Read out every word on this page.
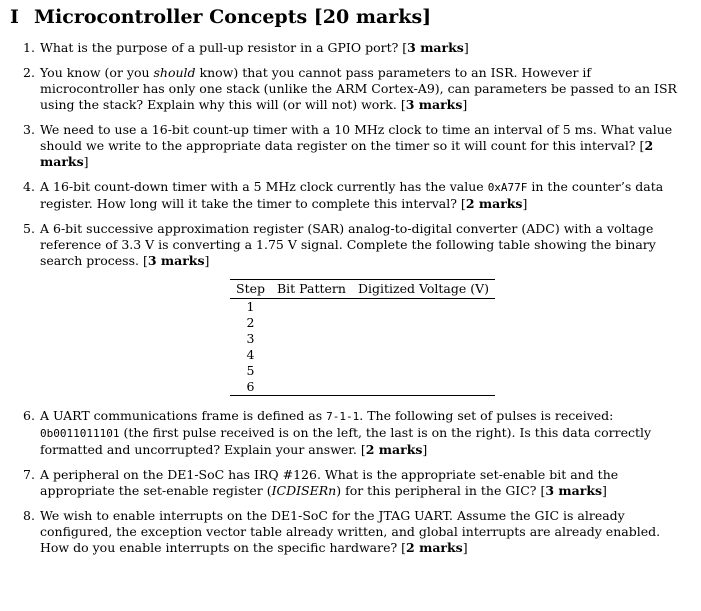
I Microcontroller Concepts [20 marks]
1. What is the purpose of a pull-up resistor in a GPIO port? [3 marks]
2. You know (or you should know) that you cannot pass parameters to an ISR. However if microcontroller has only one stack (unlike the ARM Cortex-A9), can parameters be passed to an ISR using the stack? Explain why this will (or will not) work. [3 marks]
3. We need to use a 16-bit count-up timer with a 10 MHz clock to time an interval of 5 ms. What value should we write to the appropriate data register on the timer so it will count for this interval? [2 marks]
4. A 16-bit count-down timer with a 5 MHz clock currently has the value 0xA77F in the counter’s data register. How long will it take the timer to complete this interval? [2 marks]
5. A 6-bit successive approximation register (SAR) analog-to-digital converter (ADC) with a voltage reference of 3.3 V is converting a 1.75 V signal. Complete the following table showing the binary search process. [3 marks]
Step	Bit Pattern	Digitized Voltage (V)
1		
2		
3		
4		
5		
6		
6. A UART communications frame is defined as 7-1-1. The following set of pulses is received: 0b0011011101 (the first pulse received is on the left, the last is on the right). Is this data correctly formatted and uncorrupted? Explain your answer. [2 marks]
7. A peripheral on the DE1-SoC has IRQ #126. What is the appropriate set-enable bit and the appropriate the set-enable register (ICDISERn) for this peripheral in the GIC? [3 marks]
8. We wish to enable interrupts on the DE1-SoC for the JTAG UART. Assume the GIC is already configured, the exception vector table already written, and global interrupts are already enabled. How do you enable interrupts on the specific hardware? [2 marks]
